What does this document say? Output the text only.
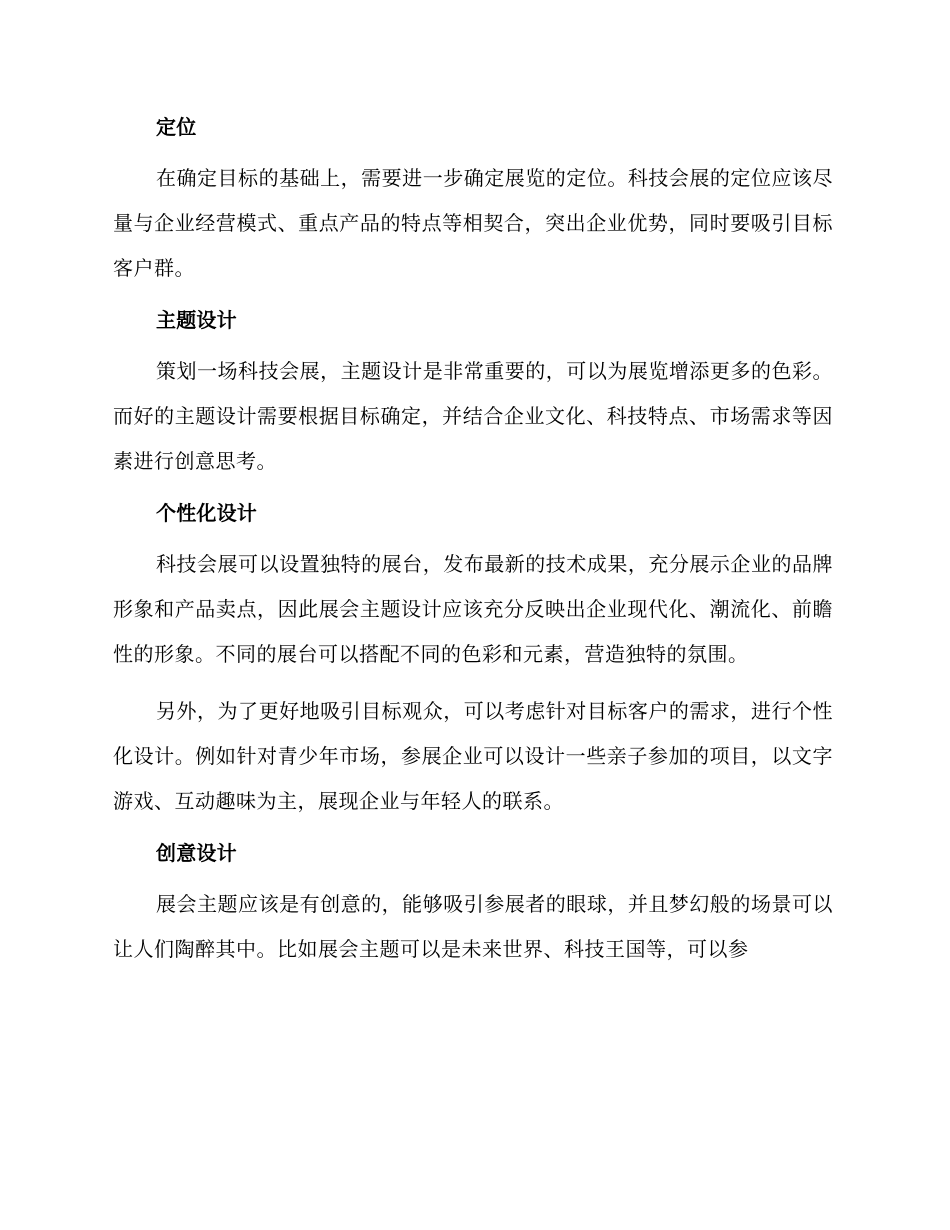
定位

在确定目标的基础上，需要进一步确定展览的定位。科技会展的定位应该尽量与企业经营模式、重点产品的特点等相契合，突出企业优势，同时要吸引目标客户群。

主题设计

策划一场科技会展，主题设计是非常重要的，可以为展览增添更多的色彩。而好的主题设计需要根据目标确定，并结合企业文化、科技特点、市场需求等因素进行创意思考。

个性化设计

科技会展可以设置独特的展台，发布最新的技术成果，充分展示企业的品牌形象和产品卖点，因此展会主题设计应该充分反映出企业现代化、潮流化、前瞻性的形象。不同的展台可以搭配不同的色彩和元素，营造独特的氛围。

另外，为了更好地吸引目标观众，可以考虑针对目标客户的需求，进行个性化设计。例如针对青少年市场，参展企业可以设计一些亲子参加的项目，以文字游戏、互动趣味为主，展现企业与年轻人的联系。

创意设计

展会主题应该是有创意的，能够吸引参展者的眼球，并且梦幻般的场景可以让人们陶醉其中。比如展会主题可以是未来世界、科技王国等，可以参
